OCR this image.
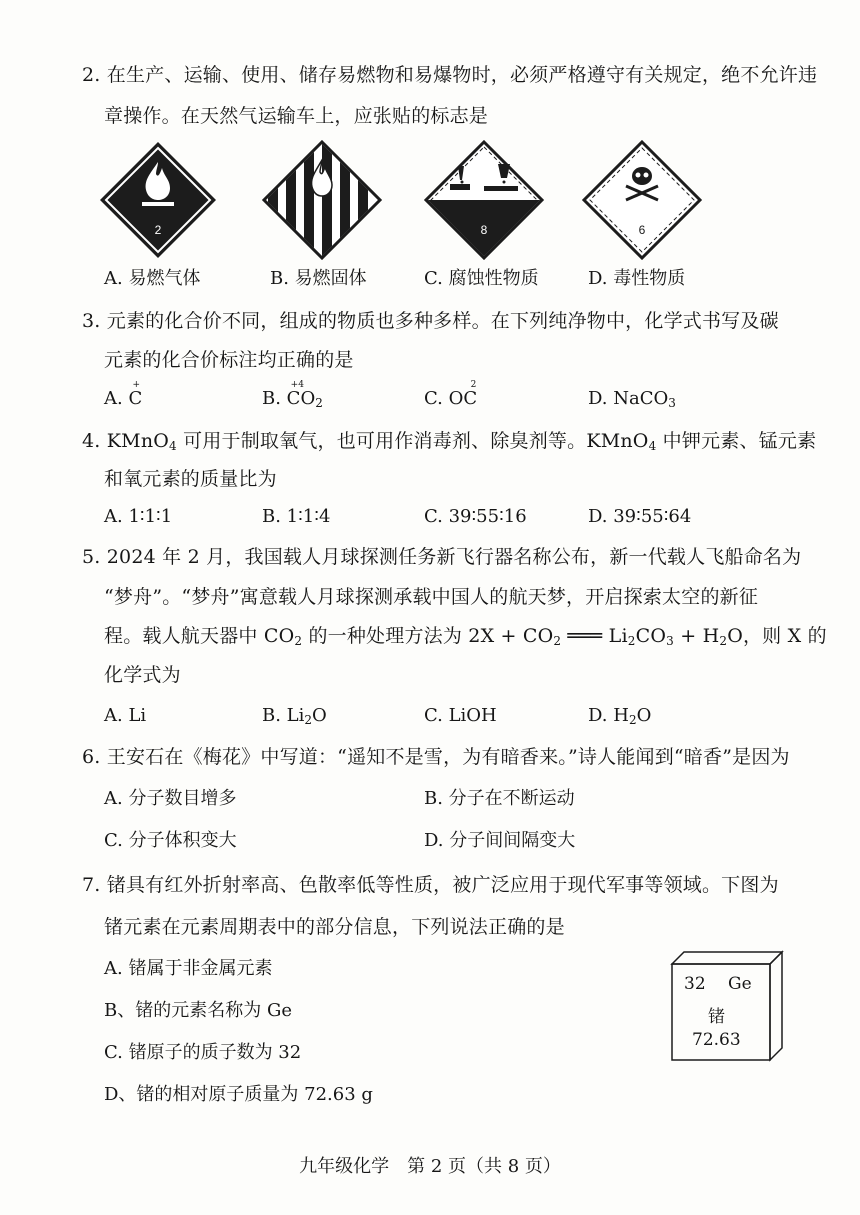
2. 在生产、运输、使用、储存易燃物和易爆物时，必须严格遵守有关规定，绝不允许违
章操作。在天然气运输车上，应张贴的标志是
2
A. 易燃气体	B. 易燃固体
8
C. 腐蚀性物质
6
D. 毒性物质
3. 元素的化合价不同，组成的物质也多种多样。在下列纯净物中，化学式书写及碳
元素的化合价标注均正确的是
A.
+
C	B.
+4
$CO_2$	C. OC
2
D. NaCO$_3$
4. KMnO$_4$ 可用于制取氧气，也可用作消毒剂、除臭剂等。KMnO$_4$ 中钾元素、锰元素
和氧元素的质量比为
A. 1∶1∶1	B. 1∶1∶4	C. 39∶55∶16	D. 39∶55∶64
5. 2024 年 2 月，我国载人月球探测任务新飞行器名称公布，新一代载人飞船命名为
“梦舟”。“梦舟”寓意载人月球探测承载中国人的航天梦，开启探索太空的新征
程。载人航天器中 $CO_2$ 的一种处理方法为 $2X + CO_2$ ═══ $Li_2CO_3 + H_2O$，则 X 的
化学式为
A. Li	B. $Li_2O$	C. LiOH	D. $H_2O$
6. 王安石在《梅花》中写道：“遥知不是雪，为有暗香来。”诗人能闻到“暗香”是因为
A. 分子数目增多	B. 分子在不断运动
C. 分子体积变大	D. 分子间间隔变大
7. 锗具有红外折射率高、色散率低等性质，被广泛应用于现代军事等领域。下图为
锗元素在元素周期表中的部分信息，下列说法正确的是
A. 锗属于非金属元素
B、锗的元素名称为 Ge
C. 锗原子的质子数为 32
D、锗的相对原子质量为 72.63 g
32 Ge
锗
72.63
九年级化学　第 2 页（共 8 页）
